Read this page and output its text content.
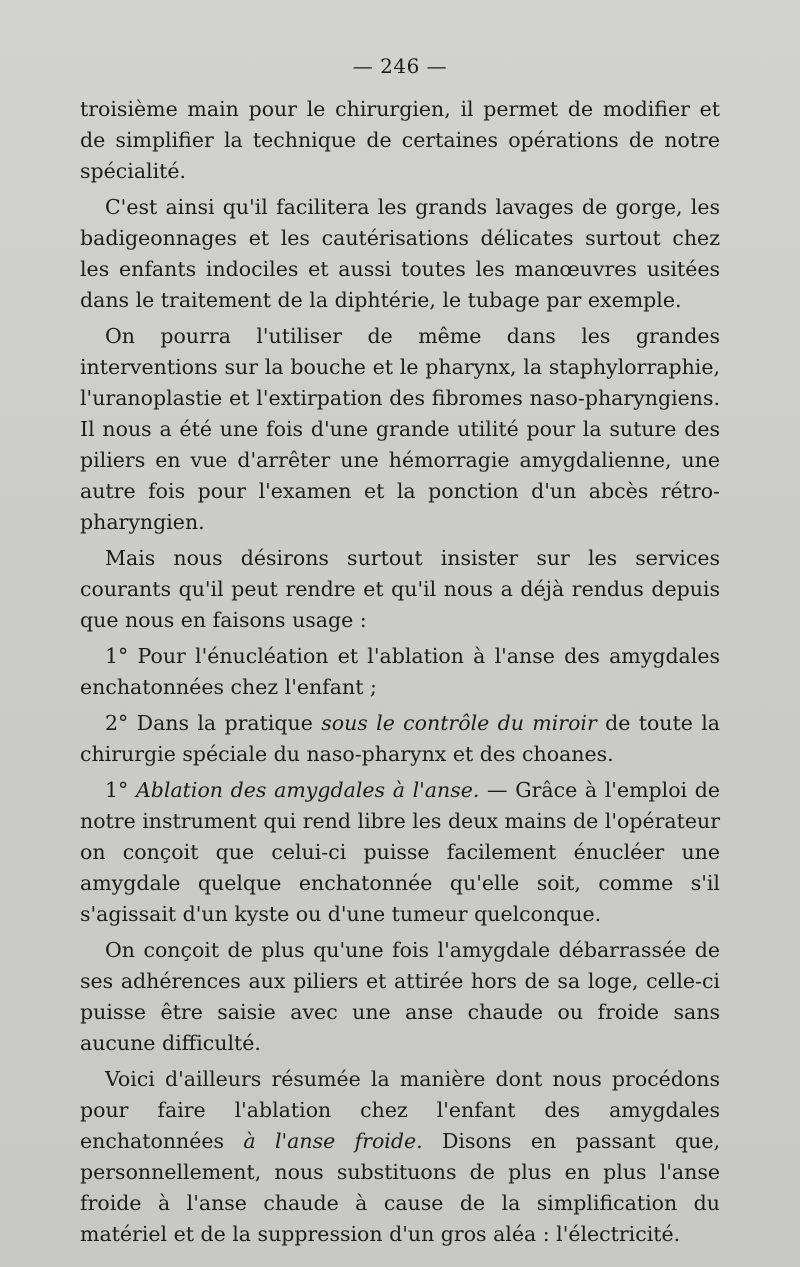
— 246 —

troisième main pour le chirurgien, il permet de modifier et de simplifier la technique de certaines opérations de notre spécialité.

C'est ainsi qu'il facilitera les grands lavages de gorge, les badigeonnages et les cautérisations délicates surtout chez les enfants indociles et aussi toutes les manœuvres usitées dans le traitement de la diphtérie, le tubage par exemple.

On pourra l'utiliser de même dans les grandes interventions sur la bouche et le pharynx, la staphylorraphie, l'uranoplastie et l'extirpation des fibromes naso-pharyngiens. Il nous a été une fois d'une grande utilité pour la suture des piliers en vue d'arrêter une hémorragie amygdalienne, une autre fois pour l'examen et la ponction d'un abcès rétro-pharyngien.

Mais nous désirons surtout insister sur les services courants qu'il peut rendre et qu'il nous a déjà rendus depuis que nous en faisons usage :

1° Pour l'énucléation et l'ablation à l'anse des amygdales enchatonnées chez l'enfant ;

2° Dans la pratique sous le contrôle du miroir de toute la chirurgie spéciale du naso-pharynx et des choanes.

1° Ablation des amygdales à l'anse. — Grâce à l'emploi de notre instrument qui rend libre les deux mains de l'opérateur on conçoit que celui-ci puisse facilement énucléer une amygdale quelque enchatonnée qu'elle soit, comme s'il s'agissait d'un kyste ou d'une tumeur quelconque.

On conçoit de plus qu'une fois l'amygdale débarrassée de ses adhérences aux piliers et attirée hors de sa loge, celle-ci puisse être saisie avec une anse chaude ou froide sans aucune difficulté.

Voici d'ailleurs résumée la manière dont nous procédons pour faire l'ablation chez l'enfant des amygdales enchatonnées à l'anse froide. Disons en passant que, personnellement, nous substituons de plus en plus l'anse froide à l'anse chaude à cause de la simplification du matériel et de la suppression d'un gros aléa : l'électricité.
